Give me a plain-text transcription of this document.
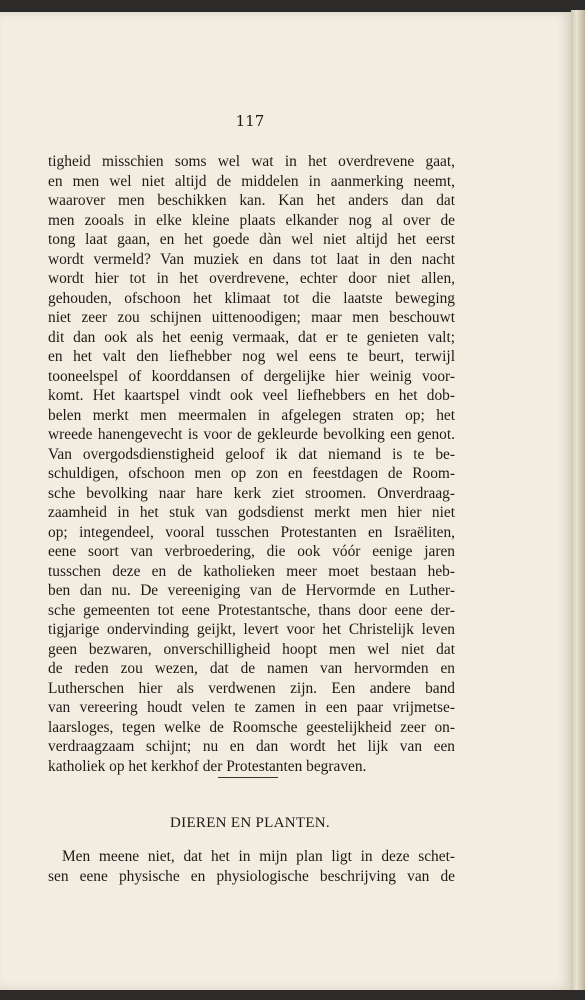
117
tigheid misschien soms wel wat in het overdrevene gaat,
en men wel niet altijd de middelen in aanmerking neemt,
waarover men beschikken kan. Kan het anders dan dat
men zooals in elke kleine plaats elkander nog al over de
tong laat gaan, en het goede dàn wel niet altijd het eerst
wordt vermeld? Van muziek en dans tot laat in den nacht
wordt hier tot in het overdrevene, echter door niet allen,
gehouden, ofschoon het klimaat tot die laatste beweging
niet zeer zou schijnen uittenoodigen; maar men beschouwt
dit dan ook als het eenig vermaak, dat er te genieten valt;
en het valt den liefhebber nog wel eens te beurt, terwijl
tooneelspel of koorddansen of dergelijke hier weinig voor-
komt. Het kaartspel vindt ook veel liefhebbers en het dob-
belen merkt men meermalen in afgelegen straten op; het
wreede hanengevecht is voor de gekleurde bevolking een genot.
Van overgodsdienstigheid geloof ik dat niemand is te be-
schuldigen, ofschoon men op zon en feestdagen de Room-
sche bevolking naar hare kerk ziet stroomen. Onverdraag-
zaamheid in het stuk van godsdienst merkt men hier niet
op; integendeel, vooral tusschen Protestanten en Israëliten,
eene soort van verbroedering, die ook vóór eenige jaren
tusschen deze en de katholieken meer moet bestaan heb-
ben dan nu. De vereeniging van de Hervormde en Luther-
sche gemeenten tot eene Protestantsche, thans door eene der-
tigjarige ondervinding geijkt, levert voor het Christelijk leven
geen bezwaren, onverschilligheid hoopt men wel niet dat
de reden zou wezen, dat de namen van hervormden en
Lutherschen hier als verdwenen zijn. Een andere band
van vereering houdt velen te zamen in een paar vrijmetse-
laarsloges, tegen welke de Roomsche geestelijkheid zeer on-
verdraagzaam schijnt; nu en dan wordt het lijk van een
katholiek op het kerkhof der Protestanten begraven.
DIEREN EN PLANTEN.
Men meene niet, dat het in mijn plan ligt in deze schet-
sen eene physische en physiologische beschrijving van de
